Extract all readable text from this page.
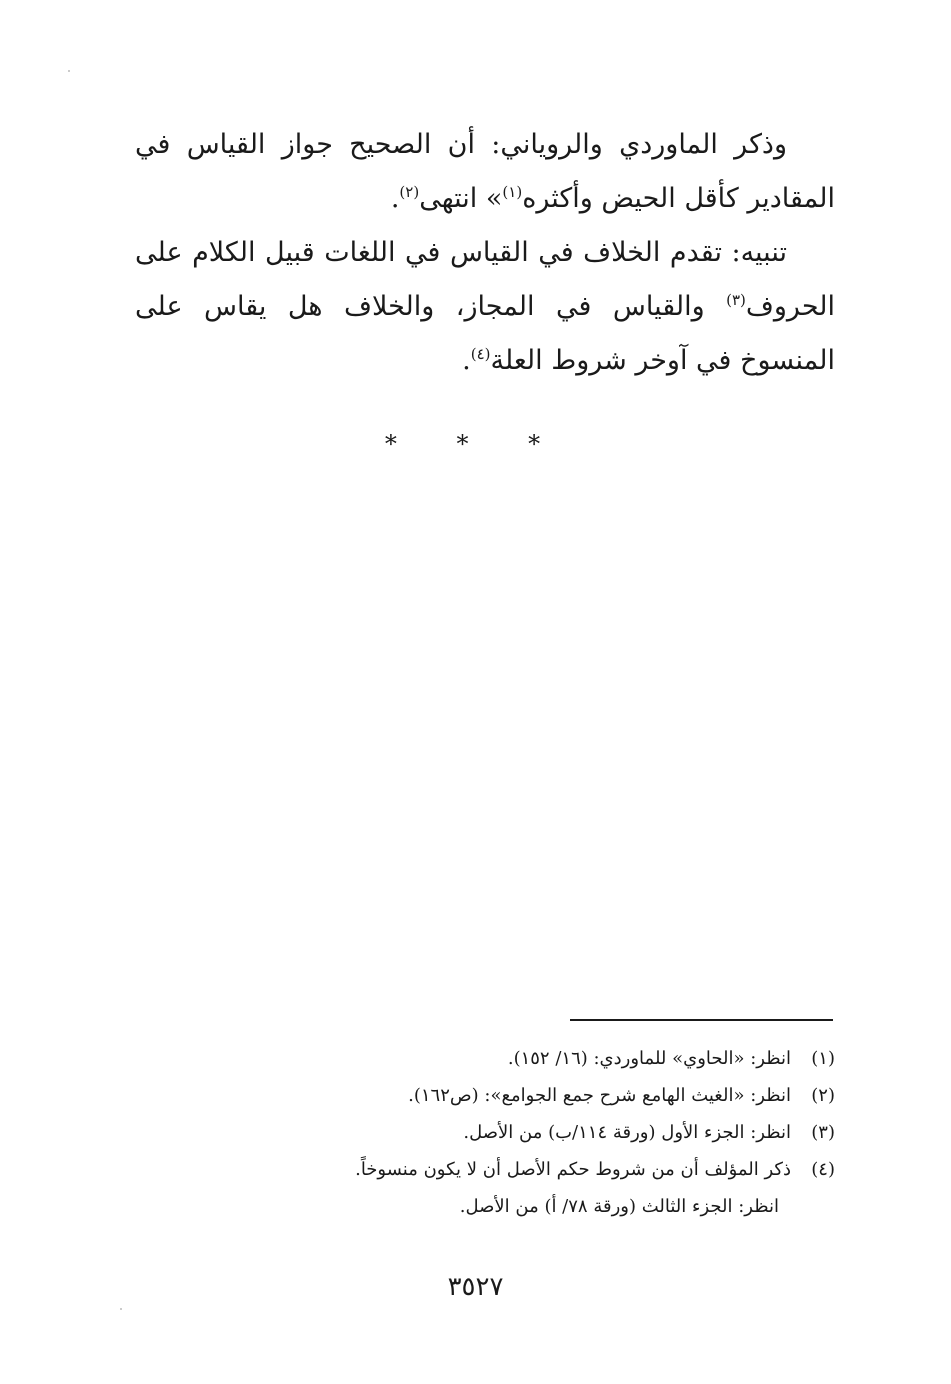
وذكر الماوردي والروياني: أن الصحيح جواز القياس في المقادير كأقل الحيض وأكثره$^{(١)}$» انتهى$^{(٢)}$.

تنبيه: تقدم الخلاف في القياس في اللغات قبيل الكلام على الحروف$^{(٣)}$ والقياس في المجاز، والخلاف هل يقاس على المنسوخ في آوخر شروط العلة$^{(٤)}$.

* * *
(١)
انظر: «الحاوي» للماوردي: (١٦/ ١٥٢).
(٢)
انظر: «الغيث الهامع شرح جمع الجوامع»: (ص١٦٢).
(٣)
انظر: الجزء الأول (ورقة ١١٤/ب) من الأصل.
(٤)
ذكر المؤلف أن من شروط حكم الأصل أن لا يكون منسوخاً.
انظر: الجزء الثالث (ورقة ٧٨/ أ) من الأصل.
٣٥٢٧
